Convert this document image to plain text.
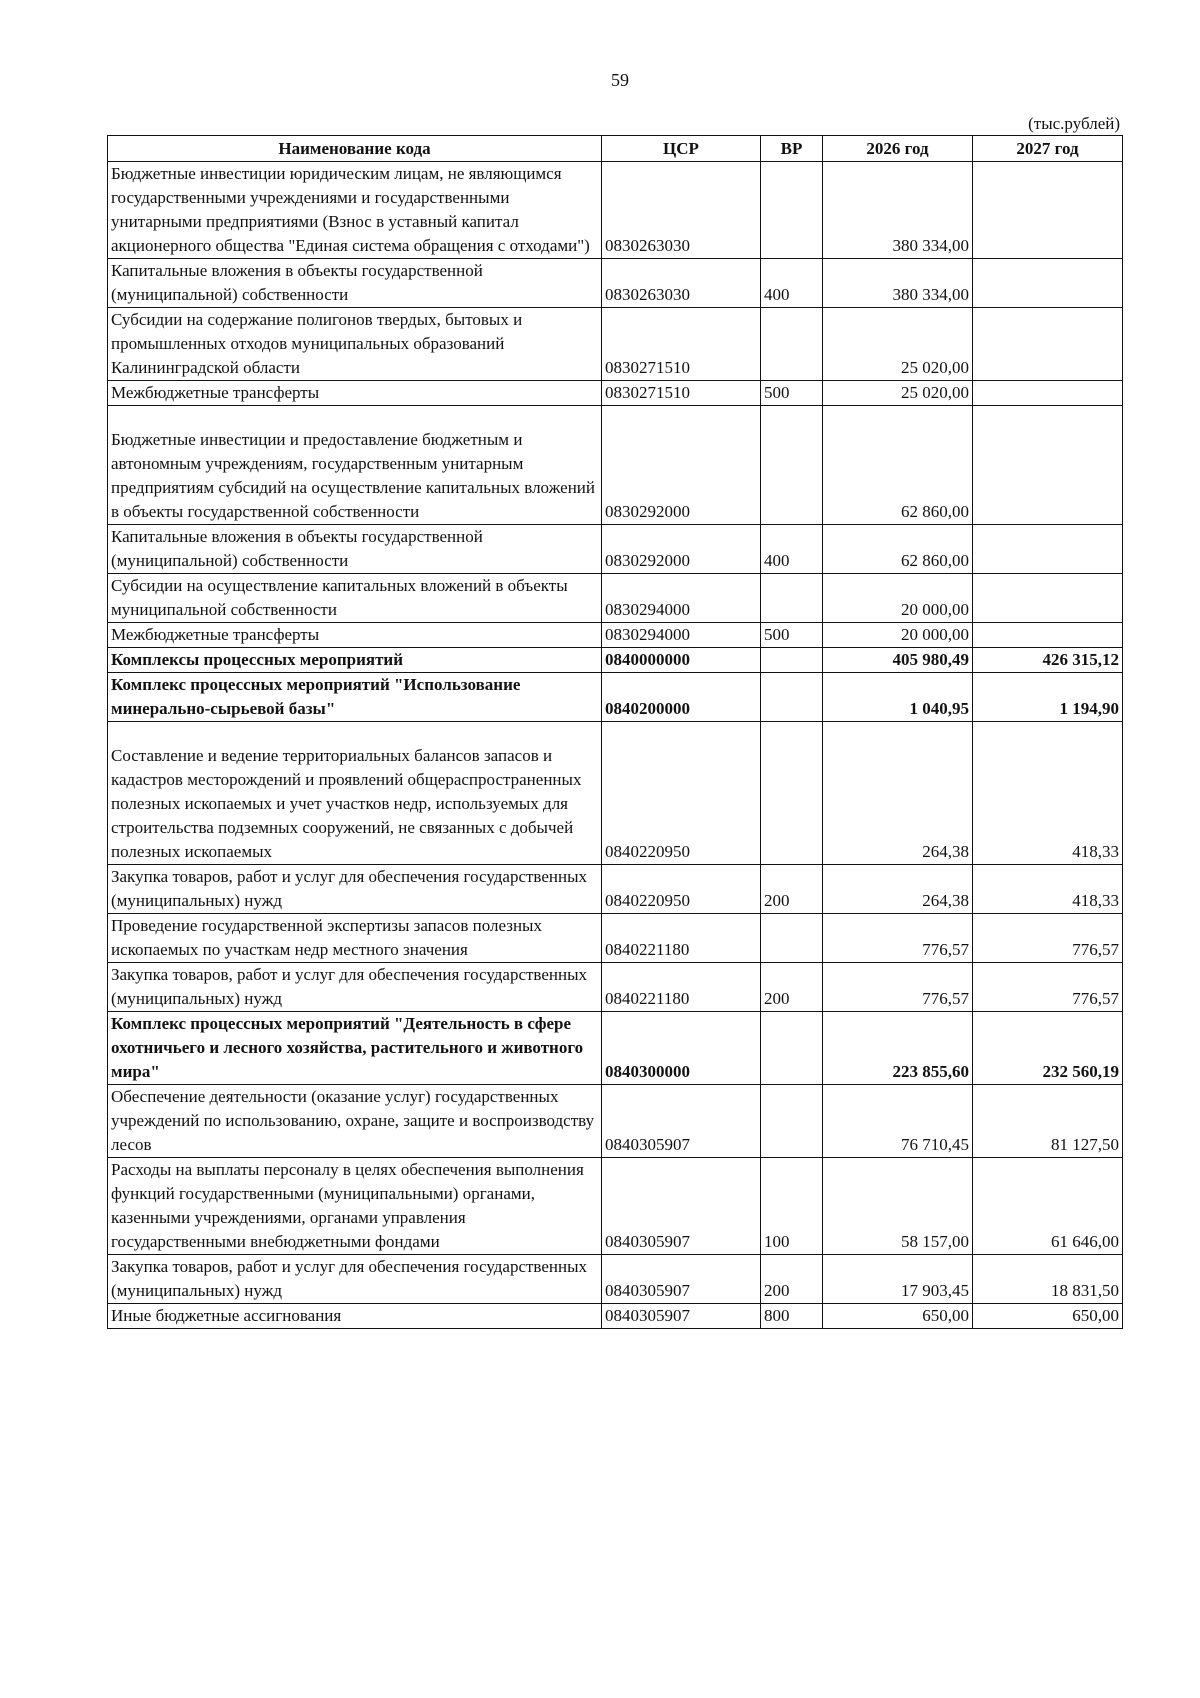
59
(тыс.рублей)
Наименование кода	ЦСР	ВР	2026 год	2027 год
Бюджетные инвестиции юридическим лицам, не являющимся государственными учреждениями и государственными унитарными предприятиями (Взнос в уставный капитал акционерного общества "Единая система обращения с отходами")	0830263030		380 334,00	
Капитальные вложения в объекты государственной (муниципальной) собственности	0830263030	400	380 334,00	
Субсидии на содержание полигонов твердых, бытовых и промышленных отходов муниципальных образований Калининградской области	0830271510		25 020,00	
Межбюджетные трансферты	0830271510	500	25 020,00	
Бюджетные инвестиции и предоставление бюджетным и автономным учреждениям, государственным унитарным предприятиям субсидий на осуществление капитальных вложений в объекты государственной собственности	0830292000		62 860,00	
Капитальные вложения в объекты государственной (муниципальной) собственности	0830292000	400	62 860,00	
Субсидии на осуществление капитальных вложений в объекты муниципальной собственности	0830294000		20 000,00	
Межбюджетные трансферты	0830294000	500	20 000,00	
Комплексы процессных мероприятий	0840000000		405 980,49	426 315,12
Комплекс процессных мероприятий "Использование минерально-сырьевой базы"	0840200000		1 040,95	1 194,90
Составление и ведение территориальных балансов запасов и кадастров месторождений и проявлений общераспространенных полезных ископаемых и учет участков недр, используемых для строительства подземных сооружений, не связанных с добычей полезных ископаемых	0840220950		264,38	418,33
Закупка товаров, работ и услуг для обеспечения государственных (муниципальных) нужд	0840220950	200	264,38	418,33
Проведение государственной экспертизы запасов полезных ископаемых по участкам недр местного значения	0840221180		776,57	776,57
Закупка товаров, работ и услуг для обеспечения государственных (муниципальных) нужд	0840221180	200	776,57	776,57
Комплекс процессных мероприятий "Деятельность в сфере охотничьего и лесного хозяйства, растительного и животного мира"	0840300000		223 855,60	232 560,19
Обеспечение деятельности (оказание услуг) государственных учреждений по использованию, охране, защите и воспроизводству лесов	0840305907		76 710,45	81 127,50
Расходы на выплаты персоналу в целях обеспечения выполнения функций государственными (муниципальными) органами, казенными учреждениями, органами управления государственными внебюджетными фондами	0840305907	100	58 157,00	61 646,00
Закупка товаров, работ и услуг для обеспечения государственных (муниципальных) нужд	0840305907	200	17 903,45	18 831,50
Иные бюджетные ассигнования	0840305907	800	650,00	650,00
